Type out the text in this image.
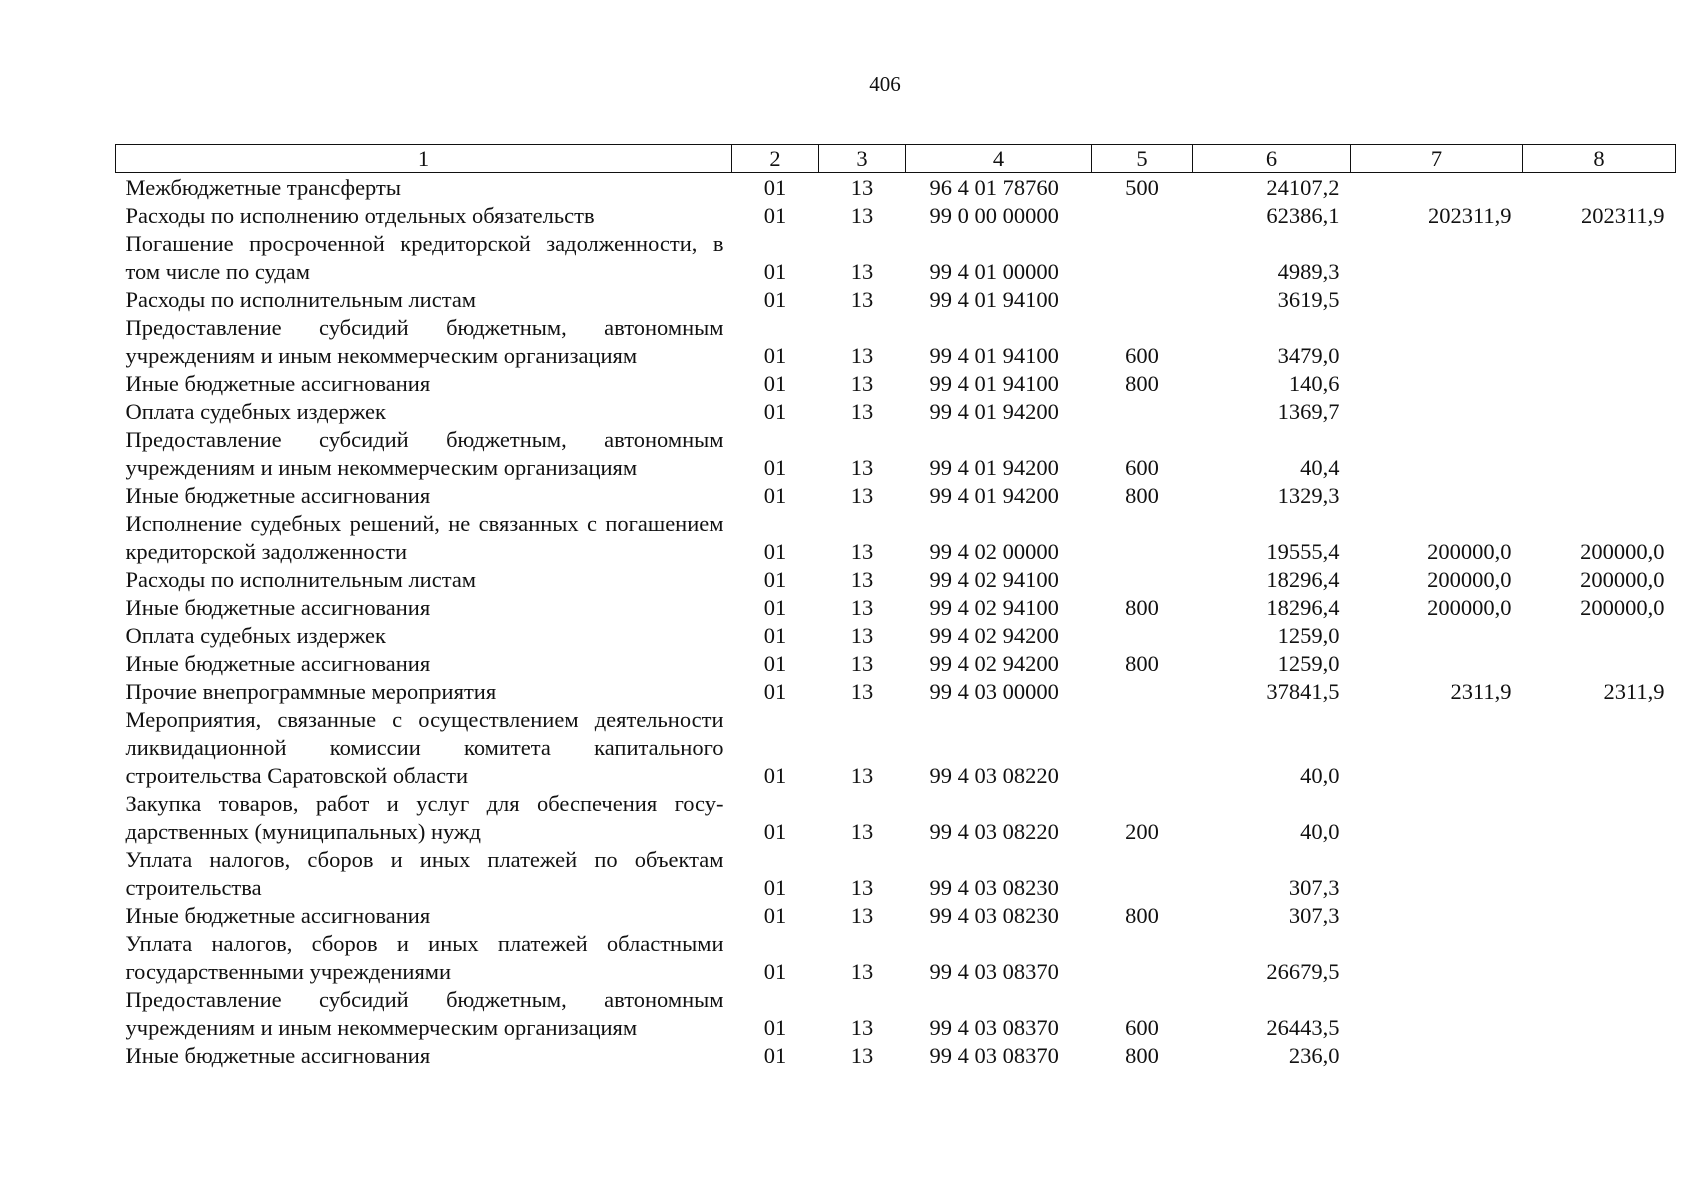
406
1	2	3	4	5	6	7	8
Межбюджетные трансферты	01	13	96 4 01 78760	500	24107,2		
Расходы по исполнению отдельных обязательств	01	13	99 0 00 00000		62386,1	202311,9	202311,9
Погашение просроченной кредиторской задолженности, в том числе по судам	01	13	99 4 01 00000		4989,3		
Расходы по исполнительным листам	01	13	99 4 01 94100		3619,5		
Предоставление субсидий бюджетным, автономным учреждениям и иным некоммерческим организациям	01	13	99 4 01 94100	600	3479,0		
Иные бюджетные ассигнования	01	13	99 4 01 94100	800	140,6		
Оплата судебных издержек	01	13	99 4 01 94200		1369,7		
Предоставление субсидий бюджетным, автономным учреждениям и иным некоммерческим организациям	01	13	99 4 01 94200	600	40,4		
Иные бюджетные ассигнования	01	13	99 4 01 94200	800	1329,3		
Исполнение судебных решений, не связанных с погашением кредиторской задолженности	01	13	99 4 02 00000		19555,4	200000,0	200000,0
Расходы по исполнительным листам	01	13	99 4 02 94100		18296,4	200000,0	200000,0
Иные бюджетные ассигнования	01	13	99 4 02 94100	800	18296,4	200000,0	200000,0
Оплата судебных издержек	01	13	99 4 02 94200		1259,0		
Иные бюджетные ассигнования	01	13	99 4 02 94200	800	1259,0		
Прочие внепрограммные мероприятия	01	13	99 4 03 00000		37841,5	2311,9	2311,9
Мероприятия, связанные с осуществлением деятельности ликвидационной комиссии комитета капитального строительства Саратовской области	01	13	99 4 03 08220		40,0		
Закупка товаров, работ и услуг для обеспечения государственных (муниципальных) нужд	01	13	99 4 03 08220	200	40,0		
Уплата налогов, сборов и иных платежей по объектам строительства	01	13	99 4 03 08230		307,3		
Иные бюджетные ассигнования	01	13	99 4 03 08230	800	307,3		
Уплата налогов, сборов и иных платежей областными государственными учреждениями	01	13	99 4 03 08370		26679,5		
Предоставление субсидий бюджетным, автономным учреждениям и иным некоммерческим организациям	01	13	99 4 03 08370	600	26443,5		
Иные бюджетные ассигнования	01	13	99 4 03 08370	800	236,0		
